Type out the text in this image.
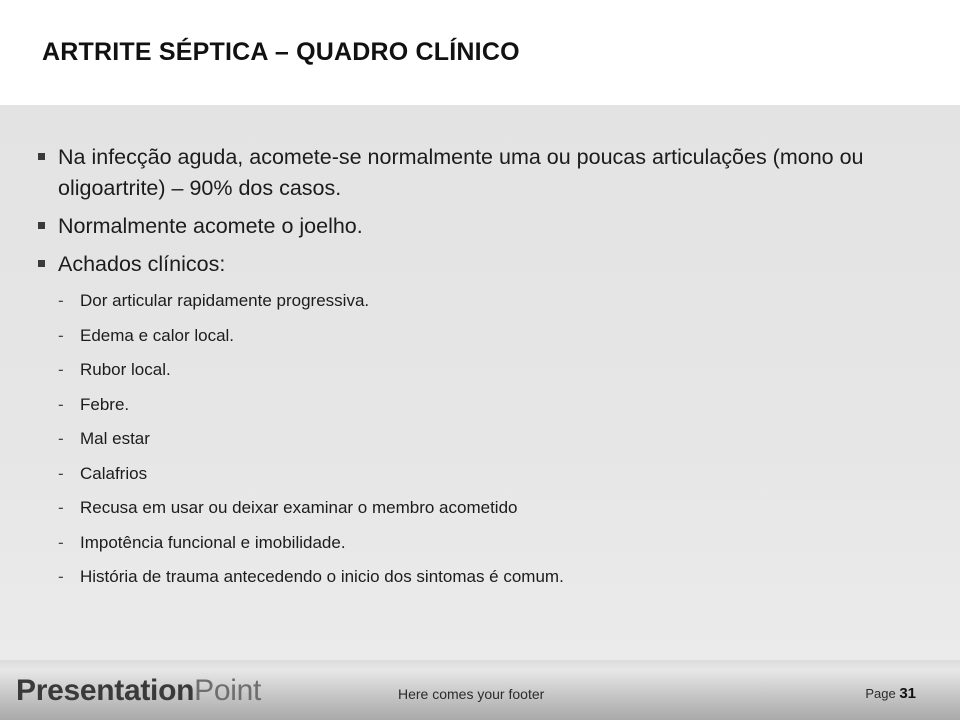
ARTRITE SÉPTICA – QUADRO CLÍNICO
Na infecção aguda, acomete-se normalmente uma ou poucas articulações (mono ou oligoartrite) – 90% dos casos.
Normalmente acomete o joelho.
Achados clínicos:
- Dor articular rapidamente progressiva.
- Edema e calor local.
- Rubor local.
- Febre.
- Mal estar
- Calafrios
- Recusa em usar ou deixar examinar o membro acometido
- Impotência funcional e imobilidade.
- História de trauma antecedendo o inicio dos sintomas é comum.
PresentationPoint	Here comes your footer	Page 31
